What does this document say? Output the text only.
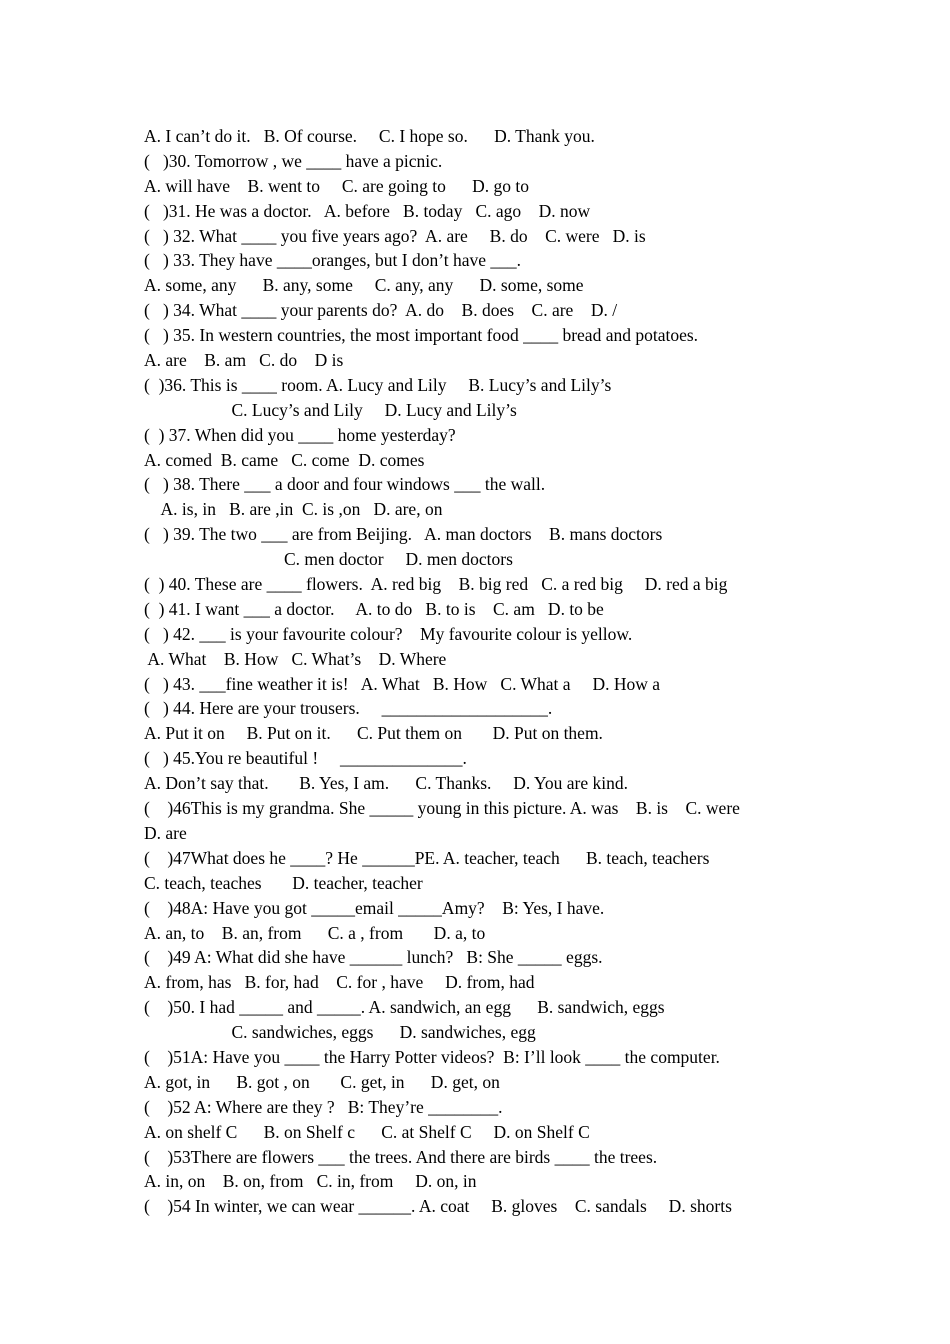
A. I can’t do it.   B. Of course.     C. I hope so.      D. Thank you.
(   )30. Tomorrow , we ____ have a picnic.
A. will have    B. went to     C. are going to      D. go to
(   )31. He was a doctor.   A. before   B. today   C. ago    D. now
(   ) 32. What ____ you five years ago?  A. are     B. do    C. were   D. is
(   ) 33. They have ____oranges, but I don’t have ___.
A. some, any      B. any, some     C. any, any      D. some, some
(   ) 34. What ____ your parents do?  A. do    B. does    C. are    D. /
(   ) 35. In western countries, the most important food ____ bread and potatoes.
A. are    B. am   C. do    D is
(  )36. This is ____ room. A. Lucy and Lily     B. Lucy’s and Lily’s
C. Lucy’s and Lily     D. Lucy and Lily’s
(  ) 37. When did you ____ home yesterday?
A. comed  B. came   C. come  D. comes
(   ) 38. There ___ a door and four windows ___ the wall.
A. is, in   B. are ,in  C. is ,on   D. are, on
(   ) 39. The two ___ are from Beijing.   A. man doctors    B. mans doctors
C. men doctor     D. men doctors
(  ) 40. These are ____ flowers.  A. red big    B. big red   C. a red big     D. red a big
(  ) 41. I want ___ a doctor.     A. to do   B. to is    C. am   D. to be
(   ) 42. ___ is your favourite colour?    My favourite colour is yellow.
A. What    B. How   C. What’s    D. Where
(   ) 43. ___fine weather it is!   A. What   B. How   C. What a     D. How a
(   ) 44. Here are your trousers.     ___________________.
A. Put it on     B. Put on it.      C. Put them on       D. Put on them.
(   ) 45.You re beautiful !     ______________.
A. Don’t say that.       B. Yes, I am.      C. Thanks.     D. You are kind.
(    )46This is my grandma. She _____ young in this picture. A. was    B. is    C. were
D. are
(    )47What does he ____? He ______PE. A. teacher, teach      B. teach, teachers
C. teach, teaches       D. teacher, teacher
(    )48A: Have you got _____email _____Amy?    B: Yes, I have.
A. an, to    B. an, from      C. a , from       D. a, to
(    )49 A: What did she have ______ lunch?   B: She _____ eggs.
A. from, has   B. for, had    C. for , have     D. from, had
(    )50. I had _____ and _____. A. sandwich, an egg      B. sandwich, eggs
C. sandwiches, eggs      D. sandwiches, egg
(    )51A: Have you ____ the Harry Potter videos?  B: I’ll look ____ the computer.
A. got, in      B. got , on       C. get, in      D. get, on
(    )52 A: Where are they ?   B: They’re ________.
A. on shelf C      B. on Shelf c      C. at Shelf C     D. on Shelf C
(    )53There are flowers ___ the trees. And there are birds ____ the trees.
A. in, on    B. on, from   C. in, from     D. on, in
(    )54 In winter, we can wear ______. A. coat     B. gloves    C. sandals     D. shorts
